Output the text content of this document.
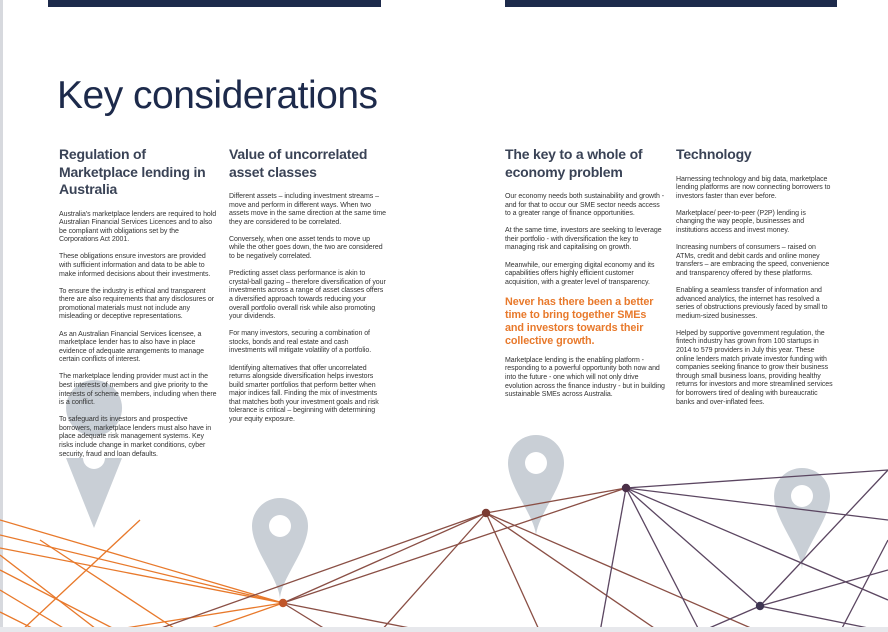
Key considerations
Regulation of Marketplace lending in Australia

Australia's marketplace lenders are required to hold Australian Financial Services Licences and to also be compliant with obligations set by the Corporations Act 2001.

These obligations ensure investors are provided with sufficient information and data to be able to make informed decisions about their investments.

To ensure the industry is ethical and transparent there are also requirements that any disclosures or promotional materials must not include any misleading or deceptive representations.

As an Australian Financial Services licensee, a marketplace lender has to also have in place evidence of adequate arrangements to manage certain conflicts of interest.

The marketplace lending provider must act in the best interests of members and give priority to the interests of scheme members, including when there is a conflict.

To safeguard its investors and prospective borrowers, marketplace lenders must also have in place adequate risk management systems. Key risks include change in market conditions, cyber security, fraud and loan defaults.

Value of uncorrelated asset classes

Different assets – including investment streams – move and perform in different ways. When two assets move in the same direction at the same time they are considered to be correlated.

Conversely, when one asset tends to move up while the other goes down, the two are considered to be negatively correlated.

Predicting asset class performance is akin to crystal-ball gazing – therefore diversification of your investments across a range of asset classes offers a diversified approach towards reducing your overall portfolio overall risk while also promoting your dividends.

For many investors, securing a combination of stocks, bonds and real estate and cash investments will mitigate volatility of a portfolio.

Identifying alternatives that offer uncorrelated returns alongside diversification helps investors build smarter portfolios that perform better when major indices fall. Finding the mix of investments that matches both your investment goals and risk tolerance is critical – beginning with determining your equity exposure.

The key to a whole of economy problem

Our economy needs both sustainability and growth - and for that to occur our SME sector needs access to a greater range of finance opportunities.

At the same time, investors are seeking to leverage their portfolio - with diversification the key to managing risk and capitalising on growth.

Meanwhile, our emerging digital economy and its capabilities offers highly efficient customer acquisition, with a greater level of transparency.

Never has there been a better time to bring together SMEs and investors towards their collective growth.

Marketplace lending is the enabling platform - responding to a powerful opportunity both now and into the future - one which will not only drive evolution across the finance industry - but in building sustainable SMEs across Australia.

Technology

Harnessing technology and big data, marketplace lending platforms are now connecting borrowers to investors faster than ever before.

Marketplace/ peer-to-peer (P2P) lending is changing the way people, businesses and institutions access and invest money.

Increasing numbers of consumers – raised on ATMs, credit and debit cards and online money transfers – are embracing the speed, convenience and transparency offered by these platforms.

Enabling a seamless transfer of information and advanced analytics, the internet has resolved a series of obstructions previously faced by small to medium-sized businesses.

Helped by supportive government regulation, the fintech industry has grown from 100 startups in 2014 to 579 providers in July this year. These online lenders match private investor funding with companies seeking finance to grow their business through small business loans, providing healthy returns for investors and more streamlined services for borrowers tired of dealing with bureaucratic banks and over-inflated fees.
